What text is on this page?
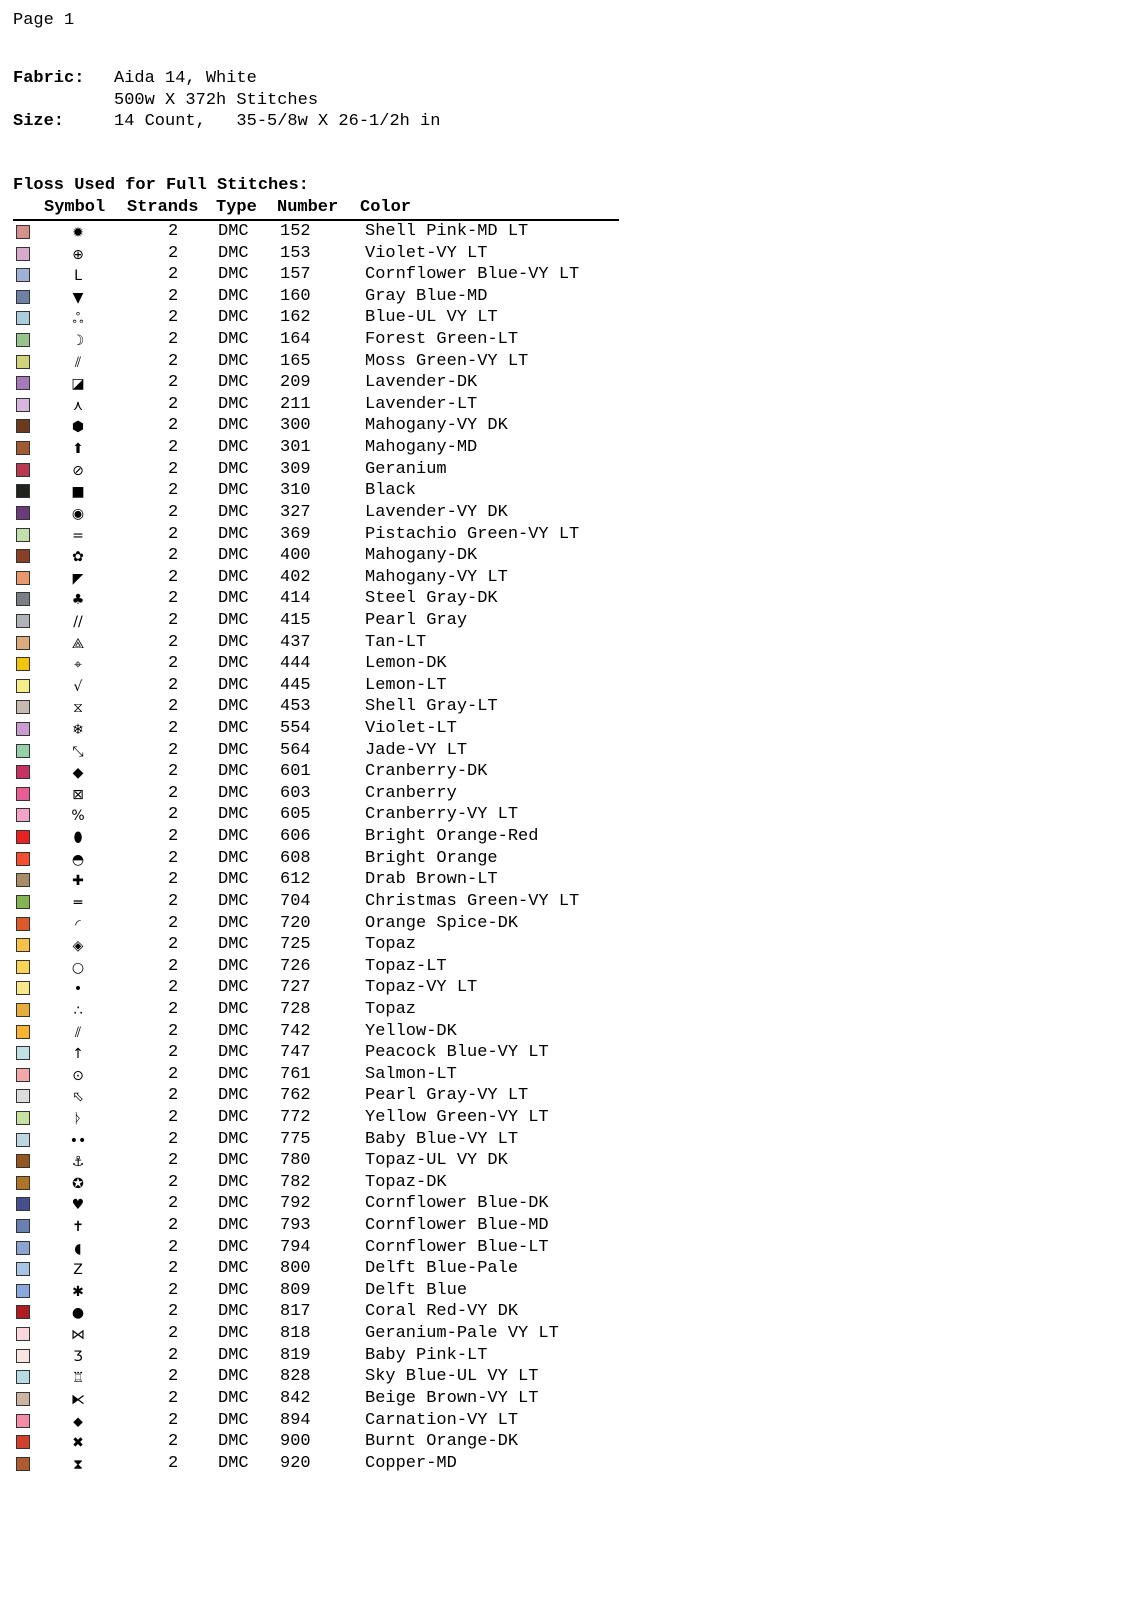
Page 1
Fabric:	Aida 14, White
500w X 372h Stitches
Size:	14 Count,   35-5/8w X 26-1/2h in
Floss Used for Full Stitches:
Symbol Strands Type Number Color
✹	2 DMC 152	Shell Pink-MD LT
⊕	2 DMC 153	Violet-VY LT
L	2 DMC 157	Cornflower Blue-VY LT
▼	2 DMC 160	Gray Blue-MD
ஃ	2 DMC 162	Blue-UL VY LT
☽	2 DMC 164	Forest Green-LT
⫽	2 DMC 165	Moss Green-VY LT
◪	2 DMC 209	Lavender-DK
⋏	2 DMC 211	Lavender-LT
⬢	2 DMC 300	Mahogany-VY DK
⬆	2 DMC 301	Mahogany-MD
⊘	2 DMC 309	Geranium
■	2 DMC 310	Black
◉	2 DMC 327	Lavender-VY DK
=	2 DMC 369	Pistachio Green-VY LT
✿	2 DMC 400	Mahogany-DK
◤	2 DMC 402	Mahogany-VY LT
♣	2 DMC 414	Steel Gray-DK
//	2 DMC 415	Pearl Gray
⟁	2 DMC 437	Tan-LT
⌖	2 DMC 444	Lemon-DK
√	2 DMC 445	Lemon-LT
⧖	2 DMC 453	Shell Gray-LT
❄	2 DMC 554	Violet-LT
⤡	2 DMC 564	Jade-VY LT
◆	2 DMC 601	Cranberry-DK
⊠	2 DMC 603	Cranberry
%	2 DMC 605	Cranberry-VY LT
⬮	2 DMC 606	Bright Orange-Red
◓	2 DMC 608	Bright Orange
✚	2 DMC 612	Drab Brown-LT
═	2 DMC 704	Christmas Green-VY LT
◜	2 DMC 720	Orange Spice-DK
◈	2 DMC 725	Topaz
○	2 DMC 726	Topaz-LT
•	2 DMC 727	Topaz-VY LT
∴	2 DMC 728	Topaz
⫽	2 DMC 742	Yellow-DK
↑	2 DMC 747	Peacock Blue-VY LT
⊙	2 DMC 761	Salmon-LT
⬁	2 DMC 762	Pearl Gray-VY LT
ᚦ	2 DMC 772	Yellow Green-VY LT
••	2 DMC 775	Baby Blue-VY LT
⚓	2 DMC 780	Topaz-UL VY DK
✪	2 DMC 782	Topaz-DK
♥	2 DMC 792	Cornflower Blue-DK
✝	2 DMC 793	Cornflower Blue-MD
◖	2 DMC 794	Cornflower Blue-LT
Z	2 DMC 800	Delft Blue-Pale
✱	2 DMC 809	Delft Blue
●	2 DMC 817	Coral Red-VY DK
⋈	2 DMC 818	Geranium-Pale VY LT
Ʒ	2 DMC 819	Baby Pink-LT
♖	2 DMC 828	Sky Blue-UL VY LT
⧔	2 DMC 842	Beige Brown-VY LT
⬥	2 DMC 894	Carnation-VY LT
✖	2 DMC 900	Burnt Orange-DK
⧗	2 DMC 920	Copper-MD
